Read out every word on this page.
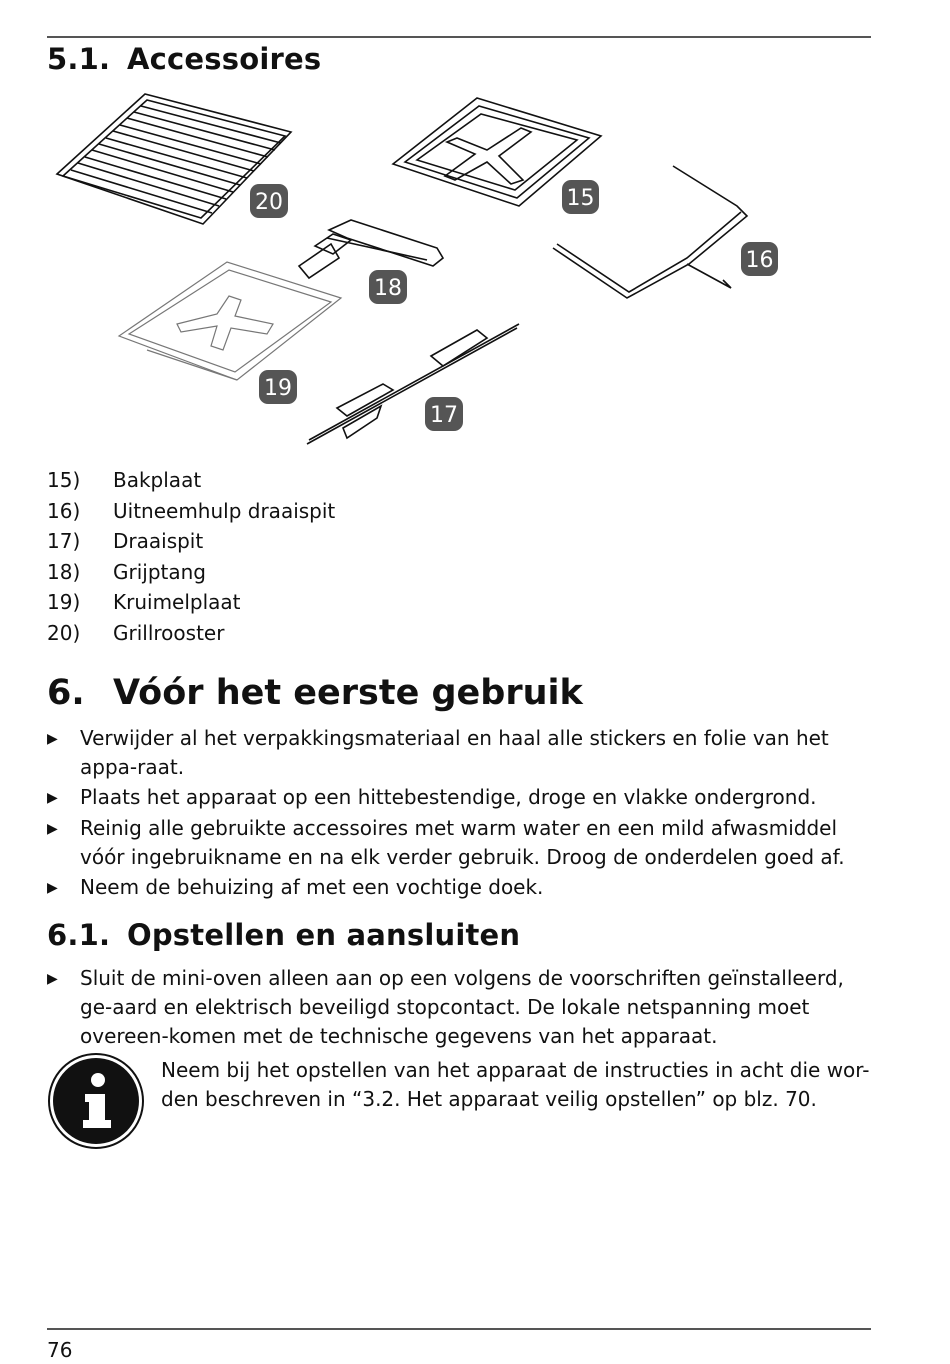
5.1. Accessoires
20	15
16
18
19
17
15)	Bakplaat
16)	Uitneemhulp draaispit
17)	Draaispit
18)	Grijptang
19)	Kruimelplaat
20)	Grillrooster
6. Vóór het eerste gebruik
▶	Verwijder al het verpakkingsmateriaal en haal alle stickers en folie van het appa-raat.
▶	Plaats het apparaat op een hittebestendige, droge en vlakke ondergrond.
▶	Reinig alle gebruikte accessoires met warm water en een mild afwasmiddel vóór ingebruikname en na elk verder gebruik. Droog de onderdelen goed af.
▶	Neem de behuizing af met een vochtige doek.
6.1. Opstellen en aansluiten
▶	Sluit de mini-oven alleen aan op een volgens de voorschriften geïnstalleerd, ge-aard en elektrisch beveiligd stopcontact. De lokale netspanning moet overeen-komen met de technische gegevens van het apparaat.
Neem bij het opstellen van het apparaat de instructies in acht die wor-den beschreven in “3.2. Het apparaat veilig opstellen” op blz. 70.
76
